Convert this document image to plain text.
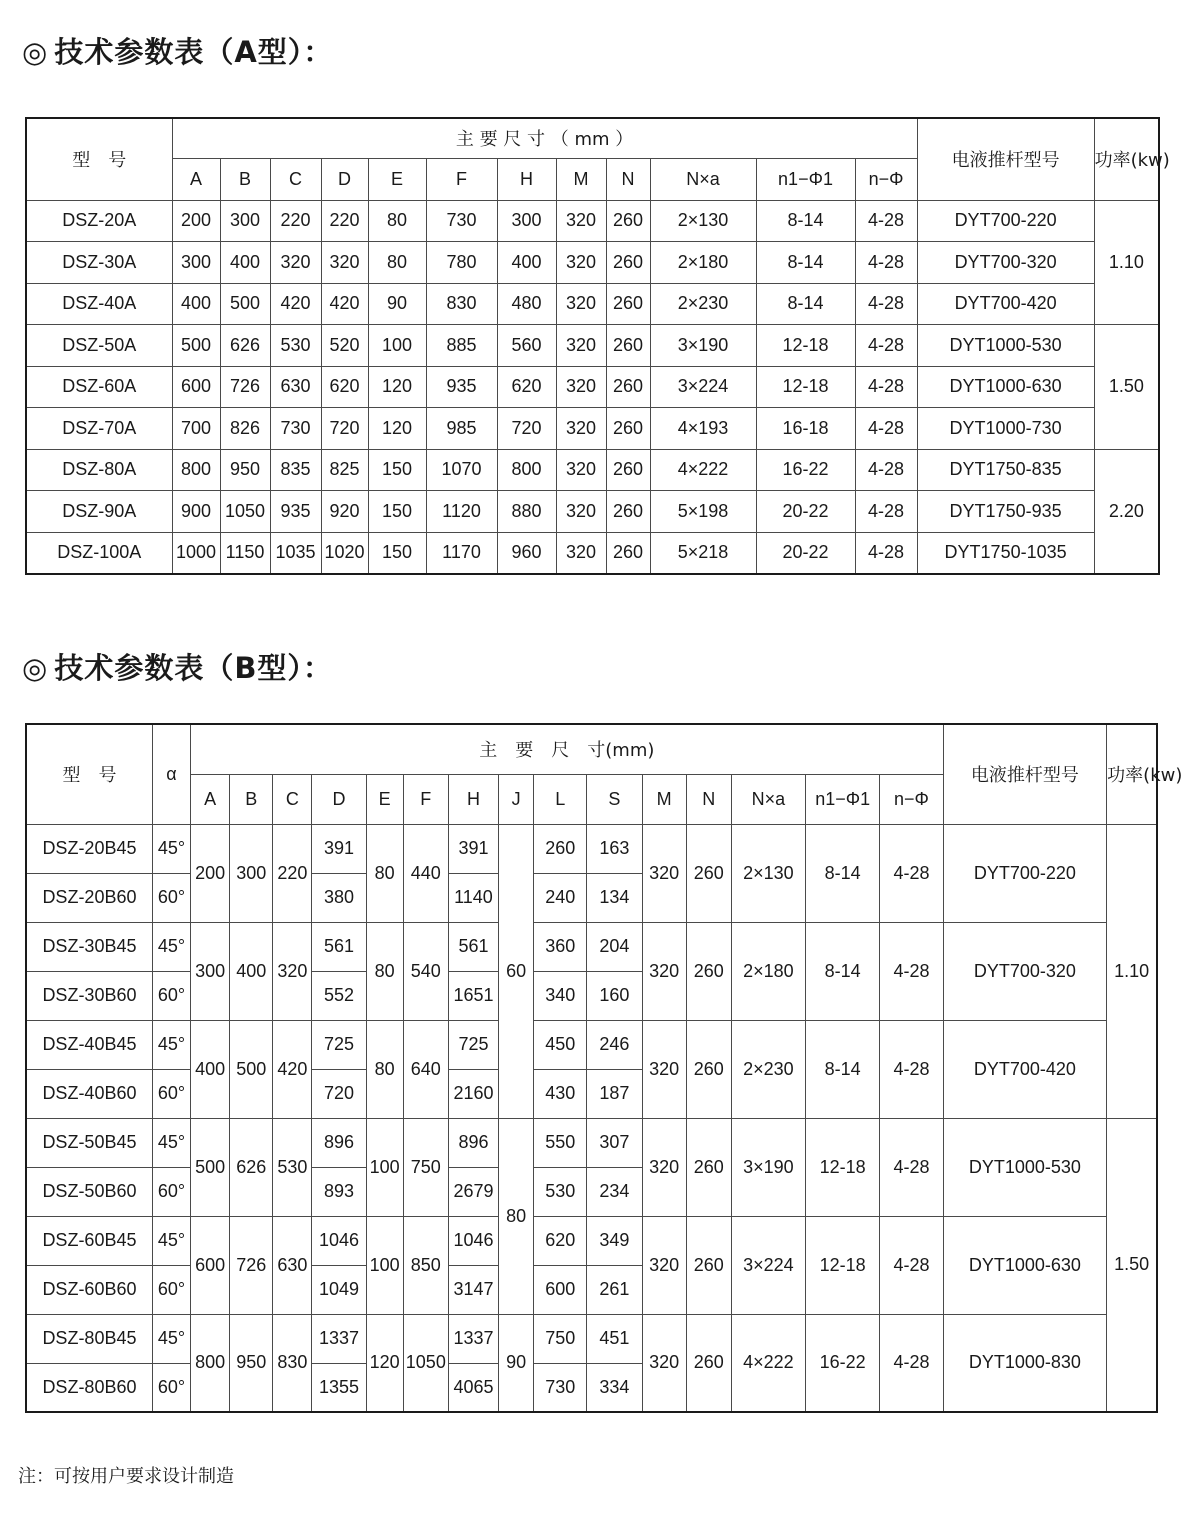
◎ 技术参数表（A型）：
型　号	主 要 尺 寸 （ mm ）												电液推杆型号	功率(kw)
	A	B	C	D	E	F	H	M	N	N×a	n1−Φ1	n−Φ		
DSZ-20A	200	300	220	220	80	730	300	320	260	2×130	8-14	4-28	DYT700-220	1.10
DSZ-30A	300	400	320	320	80	780	400	320	260	2×180	8-14	4-28	DYT700-320	
DSZ-40A	400	500	420	420	90	830	480	320	260	2×230	8-14	4-28	DYT700-420	
DSZ-50A	500	626	530	520	100	885	560	320	260	3×190	12-18	4-28	DYT1000-530	1.50
DSZ-60A	600	726	630	620	120	935	620	320	260	3×224	12-18	4-28	DYT1000-630	
DSZ-70A	700	826	730	720	120	985	720	320	260	4×193	16-18	4-28	DYT1000-730	
DSZ-80A	800	950	835	825	150	1070	800	320	260	4×222	16-22	4-28	DYT1750-835	2.20
DSZ-90A	900	1050	935	920	150	1120	880	320	260	5×198	20-22	4-28	DYT1750-935	
DSZ-100A	1000	1150	1035	1020	150	1170	960	320	260	5×218	20-22	4-28	DYT1750-1035	
◎ 技术参数表（B型）：
型　号	α	主　要　尺　寸(mm)															电液推杆型号	功率(kw)
		A	B	C	D	E	F	H	J	L	S	M	N	N×a	n1−Φ1	n−Φ		
DSZ-20B45	45°	200	300	220	391	80	440	391	60	260	163	320	260	2×130	8-14	4-28	DYT700-220	1.10
DSZ-20B60	60°				380			1140		240	134							
DSZ-30B45	45°	300	400	320	561	80	540	561		360	204	320	260	2×180	8-14	4-28	DYT700-320	
DSZ-30B60	60°				552			1651		340	160							
DSZ-40B45	45°	400	500	420	725	80	640	725		450	246	320	260	2×230	8-14	4-28	DYT700-420	
DSZ-40B60	60°				720			2160		430	187							
DSZ-50B45	45°	500	626	530	896	100	750	896	80	550	307	320	260	3×190	12-18	4-28	DYT1000-530	1.50
DSZ-50B60	60°				893			2679		530	234							
DSZ-60B45	45°	600	726	630	1046	100	850	1046		620	349	320	260	3×224	12-18	4-28	DYT1000-630	
DSZ-60B60	60°				1049			3147		600	261							
DSZ-80B45	45°	800	950	830	1337	120	1050	1337	90	750	451	320	260	4×222	16-22	4-28	DYT1000-830	
DSZ-80B60	60°				1355			4065		730	334							
注：可按用户要求设计制造
